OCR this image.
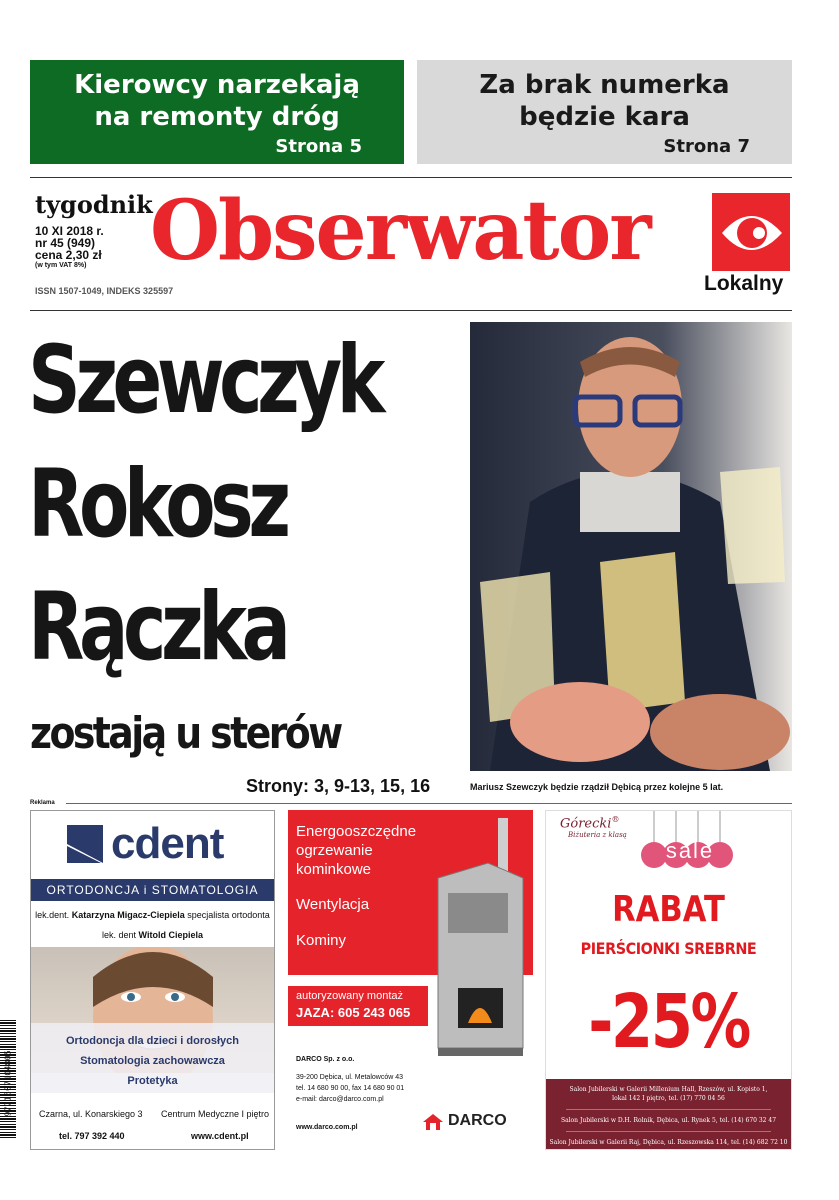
Kierowcy narzekają
na remonty dróg
Strona 5
Za brak numerka
będzie kara
Strona 7
tygodnik
10 XI 2018 r.
nr 45 (949)
cena 2,30 zł
(w tym VAT 8%)
ISSN 1507-1049, INDEKS 325597
Obserwator
Lokalny
Szewczyk
Rokosz
Rączka
zostają u sterów
Strony: 3, 9-13, 15, 16	Mariusz Szewczyk będzie rządził Dębicą przez kolejne 5 lat.
Reklama
cdent
ORTODONCJA i STOMATOLOGIA
lek.dent. Katarzyna Migacz-Ciepiela specjalista ortodonta
lek. dent Witold Ciepiela
Ortodoncja dla dzieci i dorosłych
Stomatologia zachowawcza
Protetyka
Czarna, ul. Konarskiego 3 Centrum Medyczne I piętro
tel. 797 392 440	www.cdent.pl
Energooszczędne
ogrzewanie
kominkowe
Wentylacja
Kominy
autoryzowany montaż
JAZA: 605 243 065
DARCO Sp. z o.o.
39-200 Dębica, ul. Metalowców 43
tel. 14 680 90 00, fax 14 680 90 01
e-mail: darco@darco.com.pl
www.darco.com.pl	DARCO
Górecki®
Biżuteria z klasą
sale
RABAT
PIERŚCIONKI SREBRNE
-25%
Salon Jubilerski w Galerii Millenium Hall, Rzeszów, ul. Kopisto 1,
lokal 142 I piętro, tel. (17) 770 04 56
Salon Jubilerski w D.H. Rolnik, Dębica, ul. Rynek 5, tel. (14) 670 32 47
Salon Jubilerski w Galerii Raj, Dębica, ul. Rzeszowska 114, tel. (14) 682 72 10
9771507104805
